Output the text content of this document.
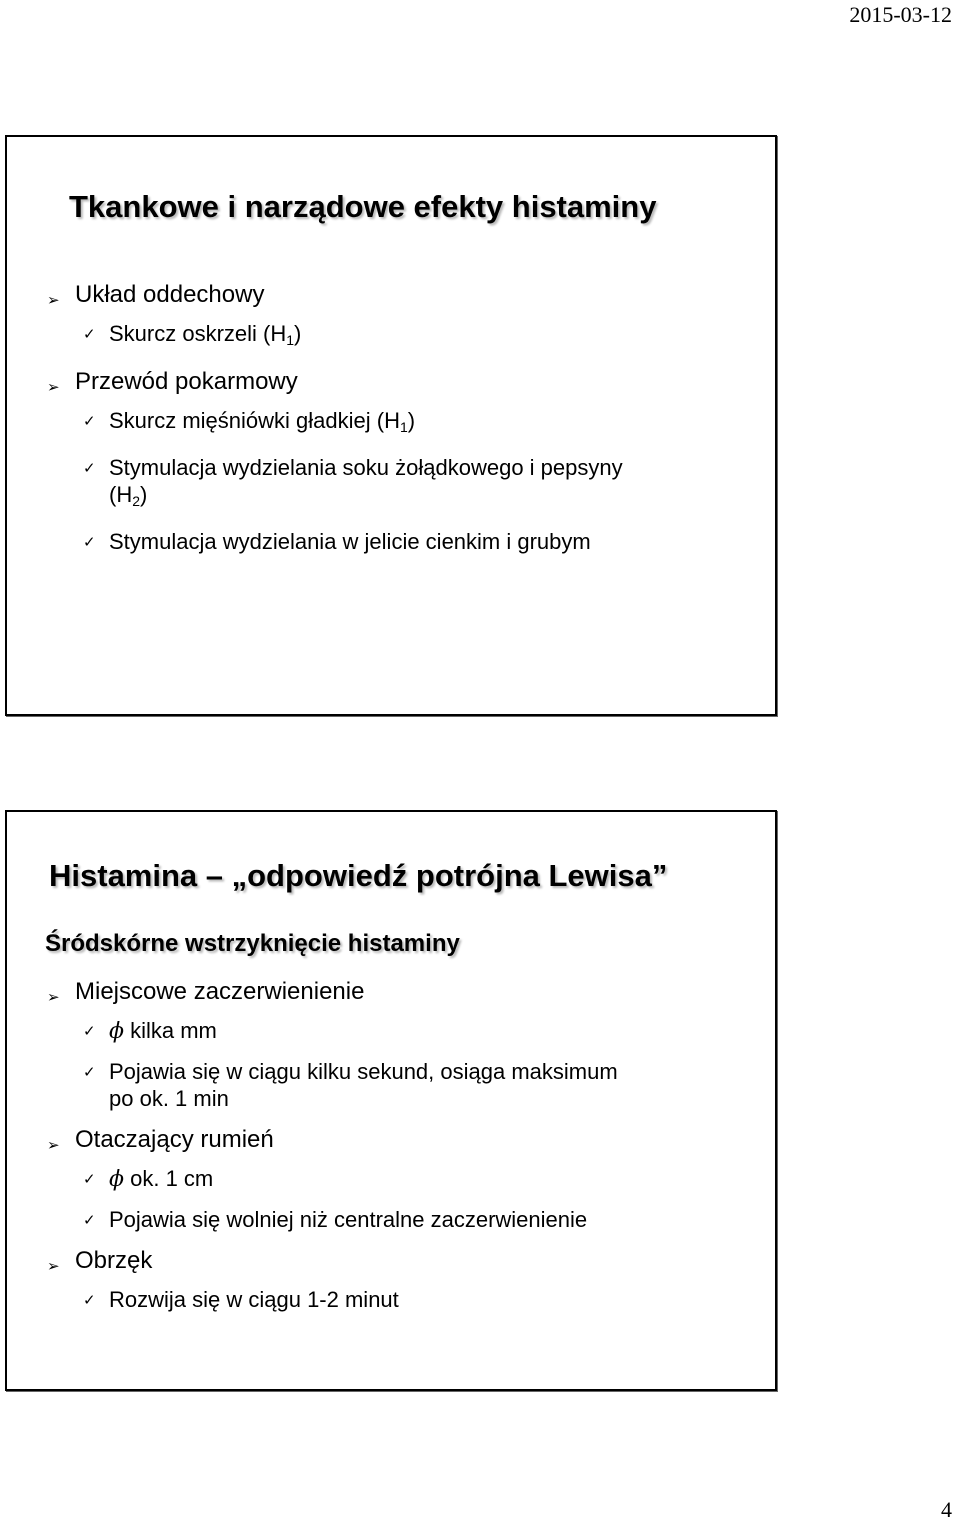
2015-03-12
Tkankowe i narządowe efekty histaminy
➢ Układ oddechowy
✓ Skurcz oskrzeli $(H_1)$
➢ Przewód pokarmowy
✓ Skurcz mięśniówki gładkiej $(H_1)$
✓ Stymulacja wydzielania soku żołądkowego i pepsyny
$(H_2)$
✓ Stymulacja wydzielania w jelicie cienkim i grubym
Histamina – „odpowiedź potrójna Lewisa”
Śródskórne wstrzyknięcie histaminy
➢ Miejscowe zaczerwienienie
✓ ϕ kilka mm
✓ Pojawia się w ciągu kilku sekund, osiąga maksimum
po ok. 1 min
➢ Otaczający rumień
✓ ϕ ok. 1 cm
✓ Pojawia się wolniej niż centralne zaczerwienienie
➢ Obrzęk
✓ Rozwija się w ciągu 1-2 minut
4
